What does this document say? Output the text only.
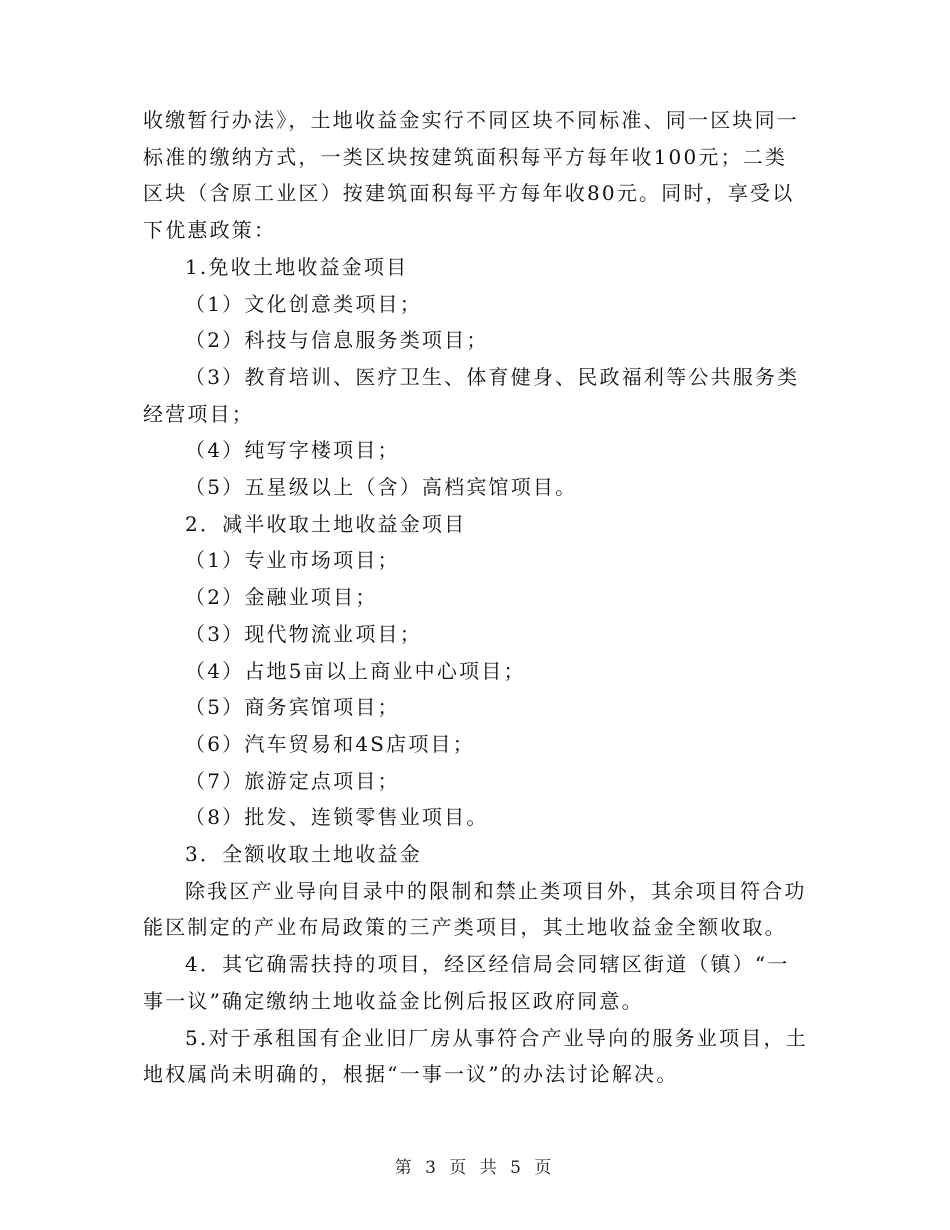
收缴暂行办法》，土地收益金实行不同区块不同标准、同一区块同一标准的缴纳方式，一类区块按建筑面积每平方每年收100元；二类区块（含原工业区）按建筑面积每平方每年收80元。同时，享受以下优惠政策：

1.免收土地收益金项目

（1）文化创意类项目；

（2）科技与信息服务类项目；

（3）教育培训、医疗卫生、体育健身、民政福利等公共服务类经营项目；

（4）纯写字楼项目；

（5）五星级以上（含）高档宾馆项目。

2．减半收取土地收益金项目

（1）专业市场项目；

（2）金融业项目；

（3）现代物流业项目；

（4）占地5亩以上商业中心项目；

（5）商务宾馆项目；

（6）汽车贸易和4S店项目；

（7）旅游定点项目；

（8）批发、连锁零售业项目。

3．全额收取土地收益金

除我区产业导向目录中的限制和禁止类项目外，其余项目符合功能区制定的产业布局政策的三产类项目，其土地收益金全额收取。

4．其它确需扶持的项目，经区经信局会同辖区街道（镇）“一事一议”确定缴纳土地收益金比例后报区政府同意。

5.对于承租国有企业旧厂房从事符合产业导向的服务业项目，土地权属尚未明确的，根据“一事一议”的办法讨论解决。

第 3 页 共 5 页
